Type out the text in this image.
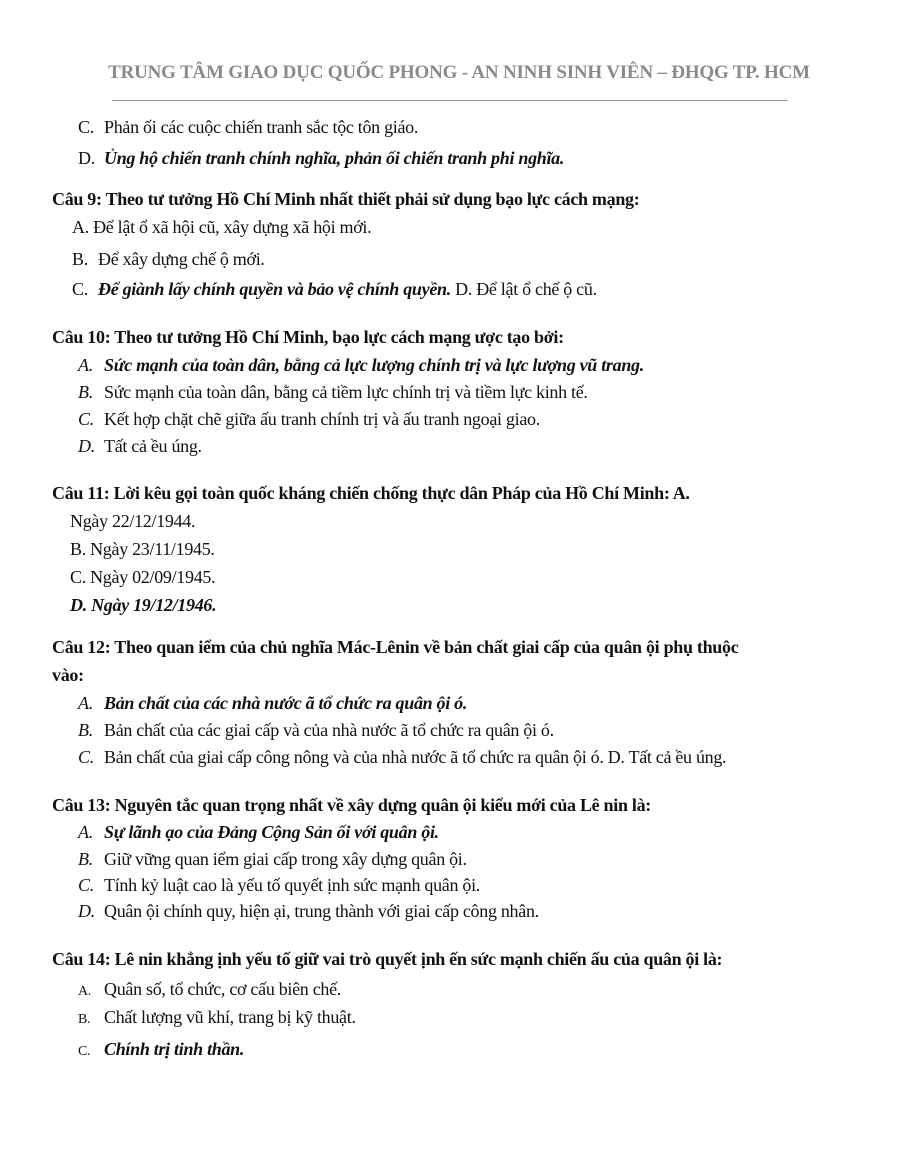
TRUNG TÂM GIAO DỤC QUỐC PHONG - AN NINH SINH VIÊN – ĐHQG TP. HCM
C. Phản ối các cuộc chiến tranh sắc tộc tôn giáo.
D. Ủng hộ chiến tranh chính nghĩa, phản ối chiến tranh phi nghĩa.
Câu 9: Theo tư tưởng Hồ Chí Minh nhất thiết phải sử dụng bạo lực cách mạng:
A. Để lật ổ xã hội cũ, xây dựng xã hội mới.
B. Để xây dựng chế ộ mới.
C. Để giành lấy chính quyền và bảo vệ chính quyền. D. Để lật ổ chế ộ cũ.
Câu 10: Theo tư tưởng Hồ Chí Minh, bạo lực cách mạng ược tạo bởi:
A. Sức mạnh của toàn dân, bằng cả lực lượng chính trị và lực lượng vũ trang.
B. Sức mạnh của toàn dân, bằng cả tiềm lực chính trị và tiềm lực kinh tế.
C. Kết hợp chặt chẽ giữa ấu tranh chính trị và ấu tranh ngoại giao.
D. Tất cả ều úng.
Câu 11: Lời kêu gọi toàn quốc kháng chiến chống thực dân Pháp của Hồ Chí Minh: A.
Ngày 22/12/1944.
B. Ngày 23/11/1945.
C. Ngày 02/09/1945.
D. Ngày 19/12/1946.
Câu 12: Theo quan iểm của chủ nghĩa Mác-Lênin về bản chất giai cấp của quân ội phụ thuộc
vào:
A. Bản chất của các nhà nước ã tổ chức ra quân ội ó.
B. Bản chất của các giai cấp và của nhà nước ã tổ chức ra quân ội ó.
C. Bản chất của giai cấp công nông và của nhà nước ã tổ chức ra quân ội ó. D. Tất cả ều úng.
Câu 13: Nguyên tắc quan trọng nhất về xây dựng quân ội kiểu mới của Lê nin là:
A. Sự lãnh ạo của Đảng Cộng Sản ối với quân ội.
B. Giữ vững quan iểm giai cấp trong xây dựng quân ội.
C. Tính kỷ luật cao là yếu tố quyết ịnh sức mạnh quân ội.
D. Quân ội chính quy, hiện ại, trung thành với giai cấp công nhân.
Câu 14: Lê nin khẳng ịnh yếu tố giữ vai trò quyết ịnh ến sức mạnh chiến ấu của quân ội là:
A. Quân số, tổ chức, cơ cấu biên chế.
B. Chất lượng vũ khí, trang bị kỹ thuật.
C. Chính trị tinh thần.
